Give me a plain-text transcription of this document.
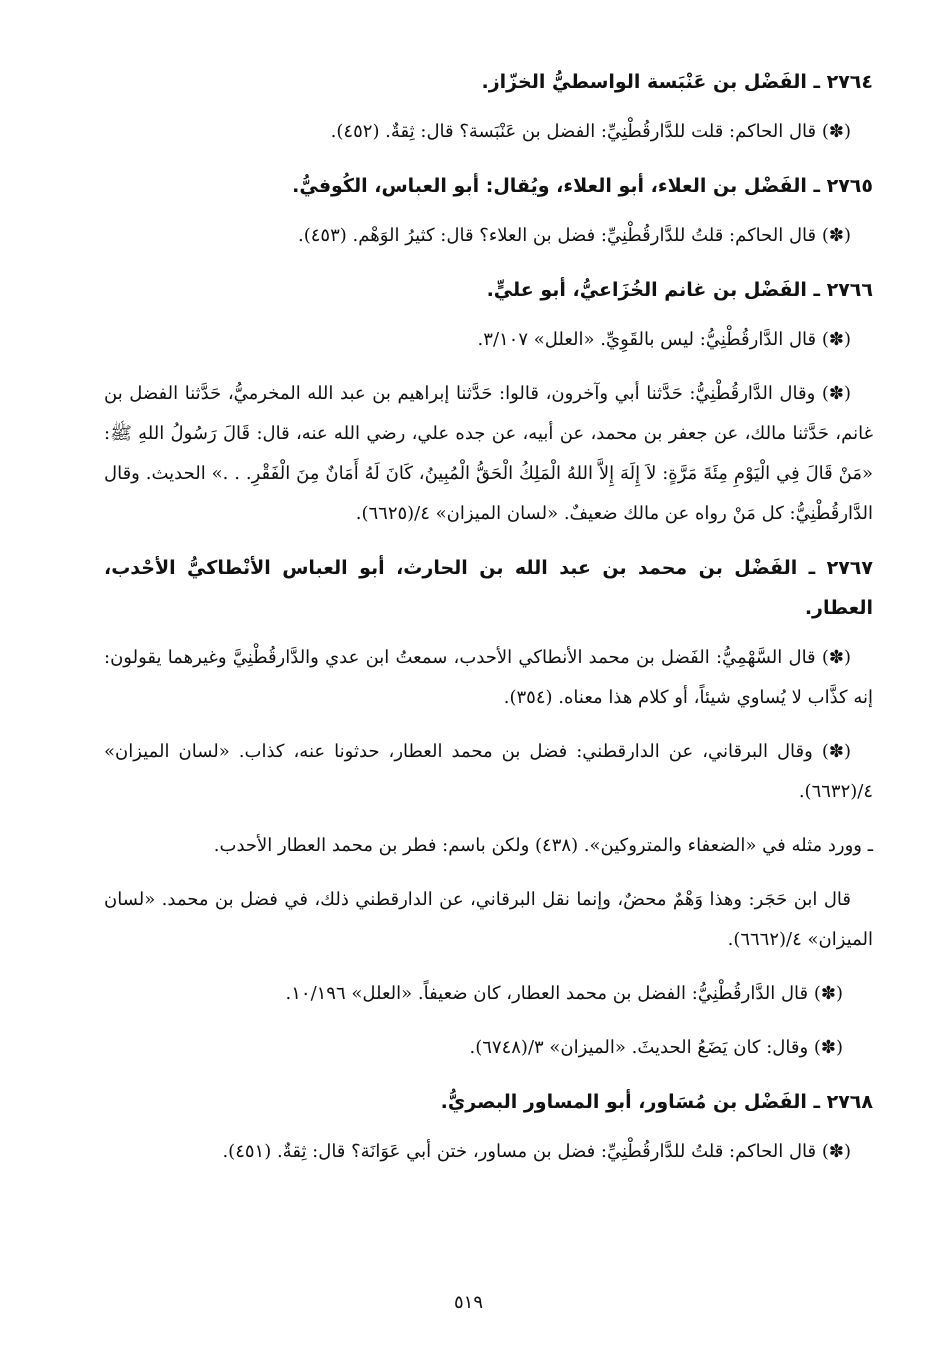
٢٧٦٤ ـ الفَضْل بن عَنْبَسة الواسطيُّ الخزّاز.

(✽) قال الحاكم: قلت للدَّارقُطْنِيِّ: الفضل بن عَنْبَسة؟ قال: ثِقةٌ. (٤٥٢).

٢٧٦٥ ـ الفَضْل بن العلاء، أبو العلاء، ويُقال: أبو العباس، الكُوفيُّ.

(✽) قال الحاكم: قلتُ للدَّارقُطْنِيِّ: فضل بن العلاء؟ قال: كثيرُ الوَهْم. (٤٥٣).

٢٧٦٦ ـ الفَضْل بن غانم الخُزَاعيُّ، أبو عليٍّ.

(✽) قال الدَّارقُطْنِيُّ: ليس بالقَوِيِّ. «العلل» ٣/١٠٧.

(✽) وقال الدَّارقُطْنِيُّ: حَدَّثنا أبي وآخرون، قالوا: حَدَّثنا إبراهيم بن عبد الله المخرميُّ، حَدَّثنا الفضل بن غانم، حَدَّثنا مالك، عن جعفر بن محمد، عن أبيه، عن جده علي، رضي الله عنه، قال: قَالَ رَسُولُ اللهِ ﷺ: «مَنْ قَالَ فِي الْيَوْمِ مِئَةَ مَرَّةٍ: لاَ إِلَهَ إِلاَّ اللهُ الْمَلِكُ الْحَقُّ الْمُبِينُ، كَانَ لَهُ أَمَانٌ مِنَ الْفَقْرِ. . .» الحديث. وقال الدَّارقُطْنِيُّ: كل مَنْ رواه عن مالك ضعيفٌ. «لسان الميزان» ٤/(٦٦٢٥).

٢٧٦٧ ـ الفَضْل بن محمد بن عبد الله بن الحارث، أبو العباس الأنْطاكيُّ الأحْدب، العطار.

(✽) قال السَّهْمِيُّ: الفَضل بن محمد الأنطاكي الأحدب، سمعتُ ابن عدي والدَّارقُطْنِيَّ وغيرهما يقولون: إنه كذَّاب لا يُساوي شيئاً، أو كلام هذا معناه. (٣٥٤).

(✽) وقال البرقاني، عن الدارقطني: فضل بن محمد العطار، حدثونا عنه، كذاب. «لسان الميزان» ٤/(٦٦٣٢).

ـ وورد مثله في «الضعفاء والمتروكين». (٤٣٨) ولكن باسم: فطر بن محمد العطار الأحدب.

قال ابن حَجَر: وهذا وَهْمٌ محضٌ، وإنما نقل البرقاني، عن الدارقطني ذلك، في فضل بن محمد. «لسان الميزان» ٤/(٦٦٦٢).

(✽) قال الدَّارقُطْنِيُّ: الفضل بن محمد العطار، كان ضعيفاً. «العلل» ١٠/١٩٦.

(✽) وقال: كان يَضَعُ الحديثَ. «الميزان» ٣/(٦٧٤٨).

٢٧٦٨ ـ الفَضْل بن مُسَاور، أبو المساور البصريُّ.

(✽) قال الحاكم: قلتُ للدَّارقُطْنِيِّ: فضل بن مساور، ختن أبي عَوَانَة؟ قال: ثِقةٌ. (٤٥١).

٥١٩
